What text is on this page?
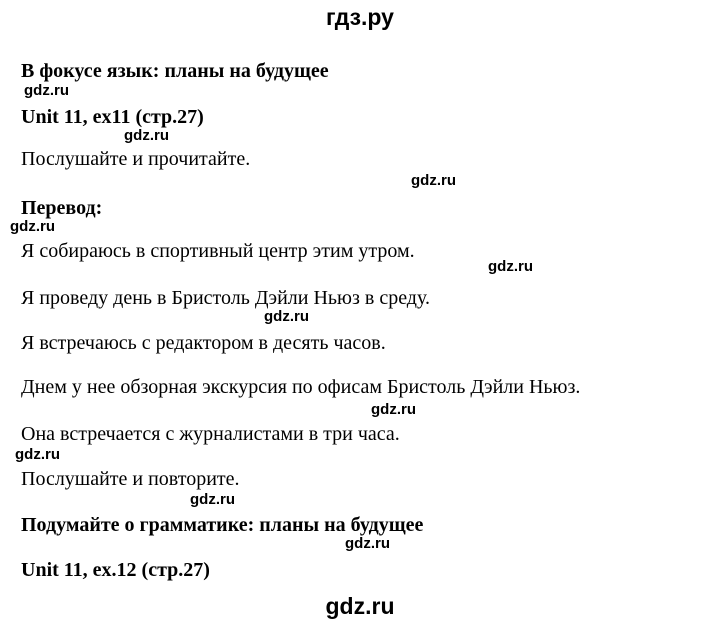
гдз.ру
В фокусе язык: планы на будущее
gdz.ru
Unit 11, ex11 (стр.27)
gdz.ru
Послушайте и прочитайте.
gdz.ru
Перевод:
gdz.ru
Я собираюсь в спортивный центр этим утром.
gdz.ru
Я проведу день в Бристоль Дэйли Ньюз в среду.
gdz.ru
Я встречаюсь с редактором в десять часов.
Днем у нее обзорная экскурсия по офисам Бристоль Дэйли Ньюз.
gdz.ru
Она встречается с журналистами в три часа.
gdz.ru
Послушайте и повторите.
gdz.ru
Подумайте о грамматике: планы на будущее
gdz.ru
Unit 11, ex.12 (стр.27)
gdz.ru
